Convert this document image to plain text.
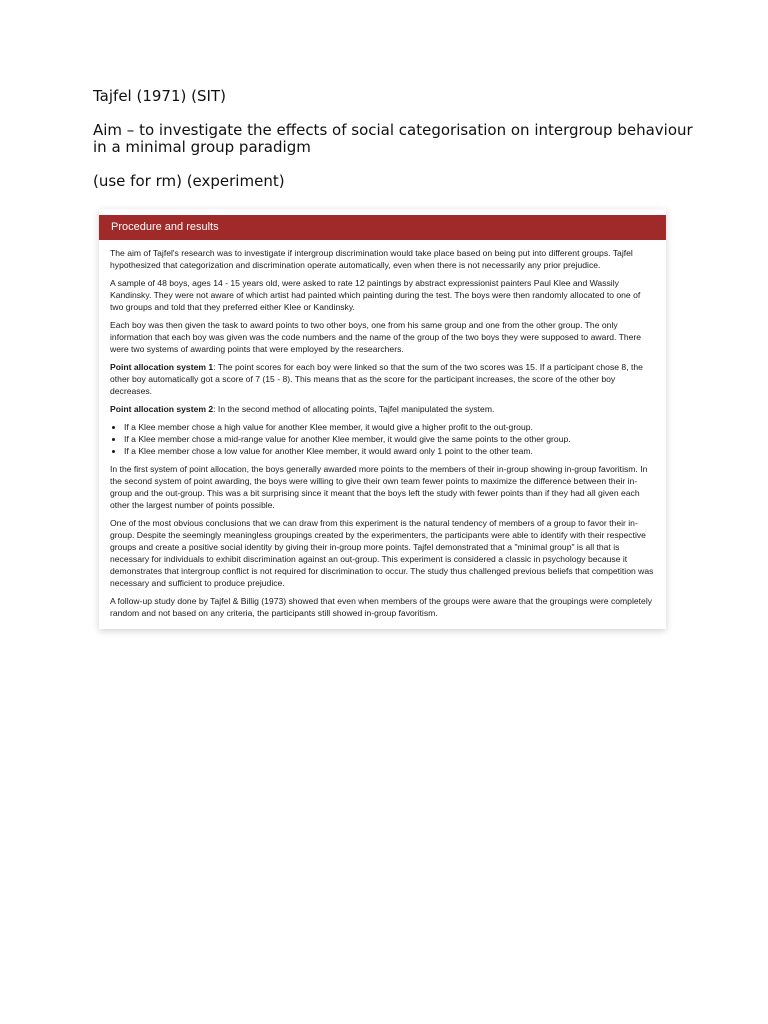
Tajfel (1971) (SIT)

Aim – to investigate the effects of social categorisation on intergroup behaviour in a minimal group paradigm

(use for rm) (experiment)

Procedure and results

The aim of Tajfel's research was to investigate if intergroup discrimination would take place based on being put into different groups. Tajfel hypothesized that categorization and discrimination operate automatically, even when there is not necessarily any prior prejudice.

A sample of 48 boys, ages 14 - 15 years old, were asked to rate 12 paintings by abstract expressionist painters Paul Klee and Wassily Kandinsky. They were not aware of which artist had painted which painting during the test. The boys were then randomly allocated to one of two groups and told that they preferred either Klee or Kandinsky.

Each boy was then given the task to award points to two other boys, one from his same group and one from the other group. The only information that each boy was given was the code numbers and the name of the group of the two boys they were supposed to award. There were two systems of awarding points that were employed by the researchers.

Point allocation system 1: The point scores for each boy were linked so that the sum of the two scores was 15. If a participant chose 8, the other boy automatically got a score of 7 (15 - 8). This means that as the score for the participant increases, the score of the other boy decreases.

Point allocation system 2: In the second method of allocating points, Tajfel manipulated the system.

• If a Klee member chose a high value for another Klee member, it would give a higher profit to the out-group.
• If a Klee member chose a mid-range value for another Klee member, it would give the same points to the other group.
• If a Klee member chose a low value for another Klee member, it would award only 1 point to the other team.

In the first system of point allocation, the boys generally awarded more points to the members of their in-group showing in-group favoritism. In the second system of point awarding, the boys were willing to give their own team fewer points to maximize the difference between their in-group and the out-group. This was a bit surprising since it meant that the boys left the study with fewer points than if they had all given each other the largest number of points possible.

One of the most obvious conclusions that we can draw from this experiment is the natural tendency of members of a group to favor their in-group. Despite the seemingly meaningless groupings created by the experimenters, the participants were able to identify with their respective groups and create a positive social identity by giving their in-group more points. Tajfel demonstrated that a "minimal group" is all that is necessary for individuals to exhibit discrimination against an out-group. This experiment is considered a classic in psychology because it demonstrates that intergroup conflict is not required for discrimination to occur. The study thus challenged previous beliefs that competition was necessary and sufficient to produce prejudice.

A follow-up study done by Tajfel & Billig (1973) showed that even when members of the groups were aware that the groupings were completely random and not based on any criteria, the participants still showed in-group favoritism.
